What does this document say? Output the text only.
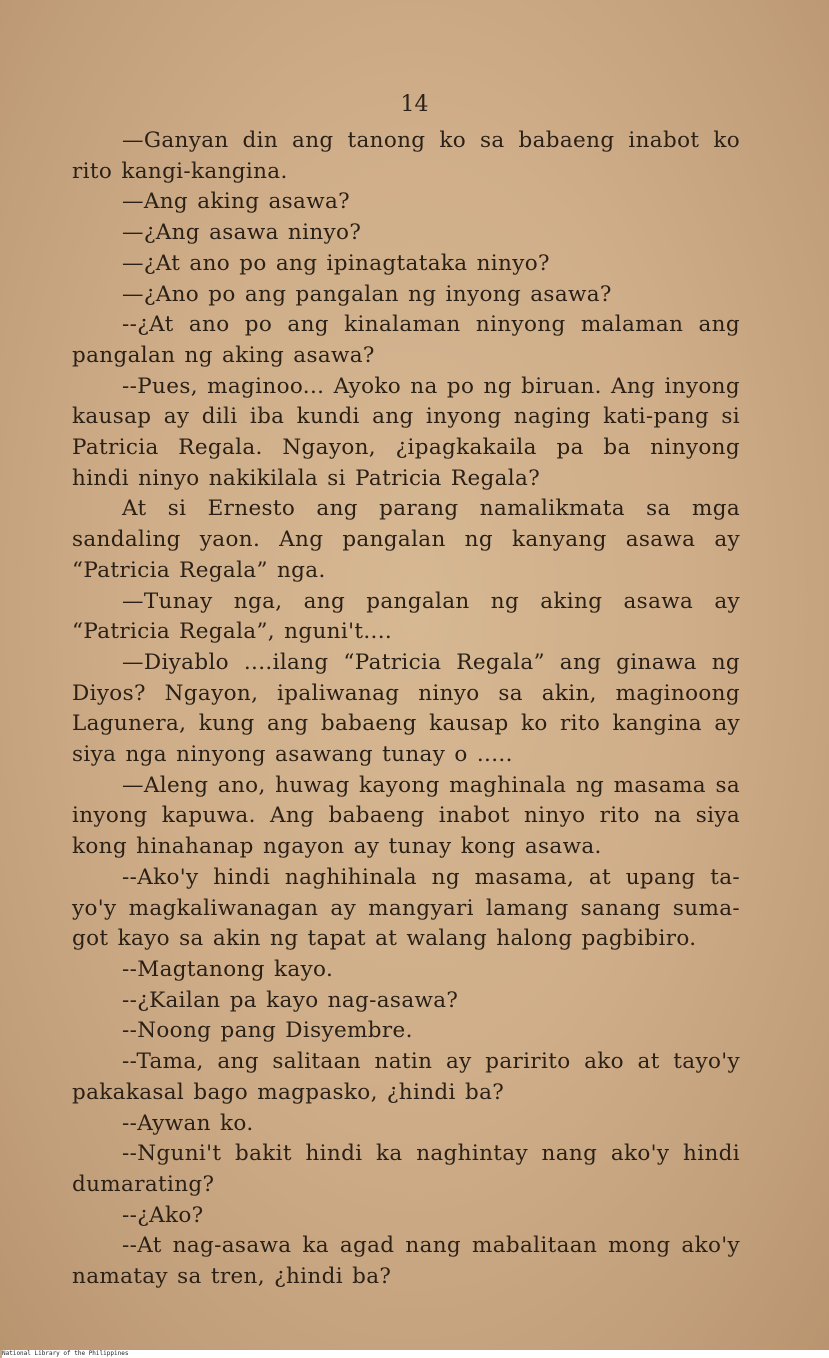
14

—Ganyan din ang tanong ko sa babaeng inabot ko rito kangi-kangina.

—Ang aking asawa?

—¿Ang asawa ninyo?

—¿At ano po ang ipinagtataka ninyo?

—¿Ano po ang pangalan ng inyong asawa?

--¿At ano po ang kinalaman ninyong malaman ang pangalan ng aking asawa?

--Pues, maginoo... Ayoko na po ng biruan. Ang inyong kausap ay dili iba kundi ang inyong naging kati-pang si Patricia Regala. Ngayon, ¿ipagkakaila pa ba ninyong hindi ninyo nakikilala si Patricia Regala?

At si Ernesto ang parang namalikmata sa mga sandaling yaon. Ang pangalan ng kanyang asawa ay “Patricia Regala” nga.

—Tunay nga, ang pangalan ng aking asawa ay “Patricia Regala”, nguni't....

—Diyablo ....ilang “Patricia Regala” ang ginawa ng Diyos? Ngayon, ipaliwanag ninyo sa akin, maginoong Lagunera, kung ang babaeng kausap ko rito kangina ay siya nga ninyong asawang tunay o .....

—Aleng ano, huwag kayong maghinala ng masama sa inyong kapuwa. Ang babaeng inabot ninyo rito na siya kong hinahanap ngayon ay tunay kong asawa.

--Ako'y hindi naghihinala ng masama, at upang ta-yo'y magkaliwanagan ay mangyari lamang sanang suma-got kayo sa akin ng tapat at walang halong pagbibiro.

--Magtanong kayo.

--¿Kailan pa kayo nag-asawa?

--Noong pang Disyembre.

--Tama, ang salitaan natin ay paririto ako at tayo'y pakakasal bago magpasko, ¿hindi ba?

--Aywan ko.

--Nguni't bakit hindi ka naghintay nang ako'y hindi dumarating?

--¿Ako?

--At nag-asawa ka agad nang mabalitaan mong ako'y namatay sa tren, ¿hindi ba?

National Library of the Philippines
